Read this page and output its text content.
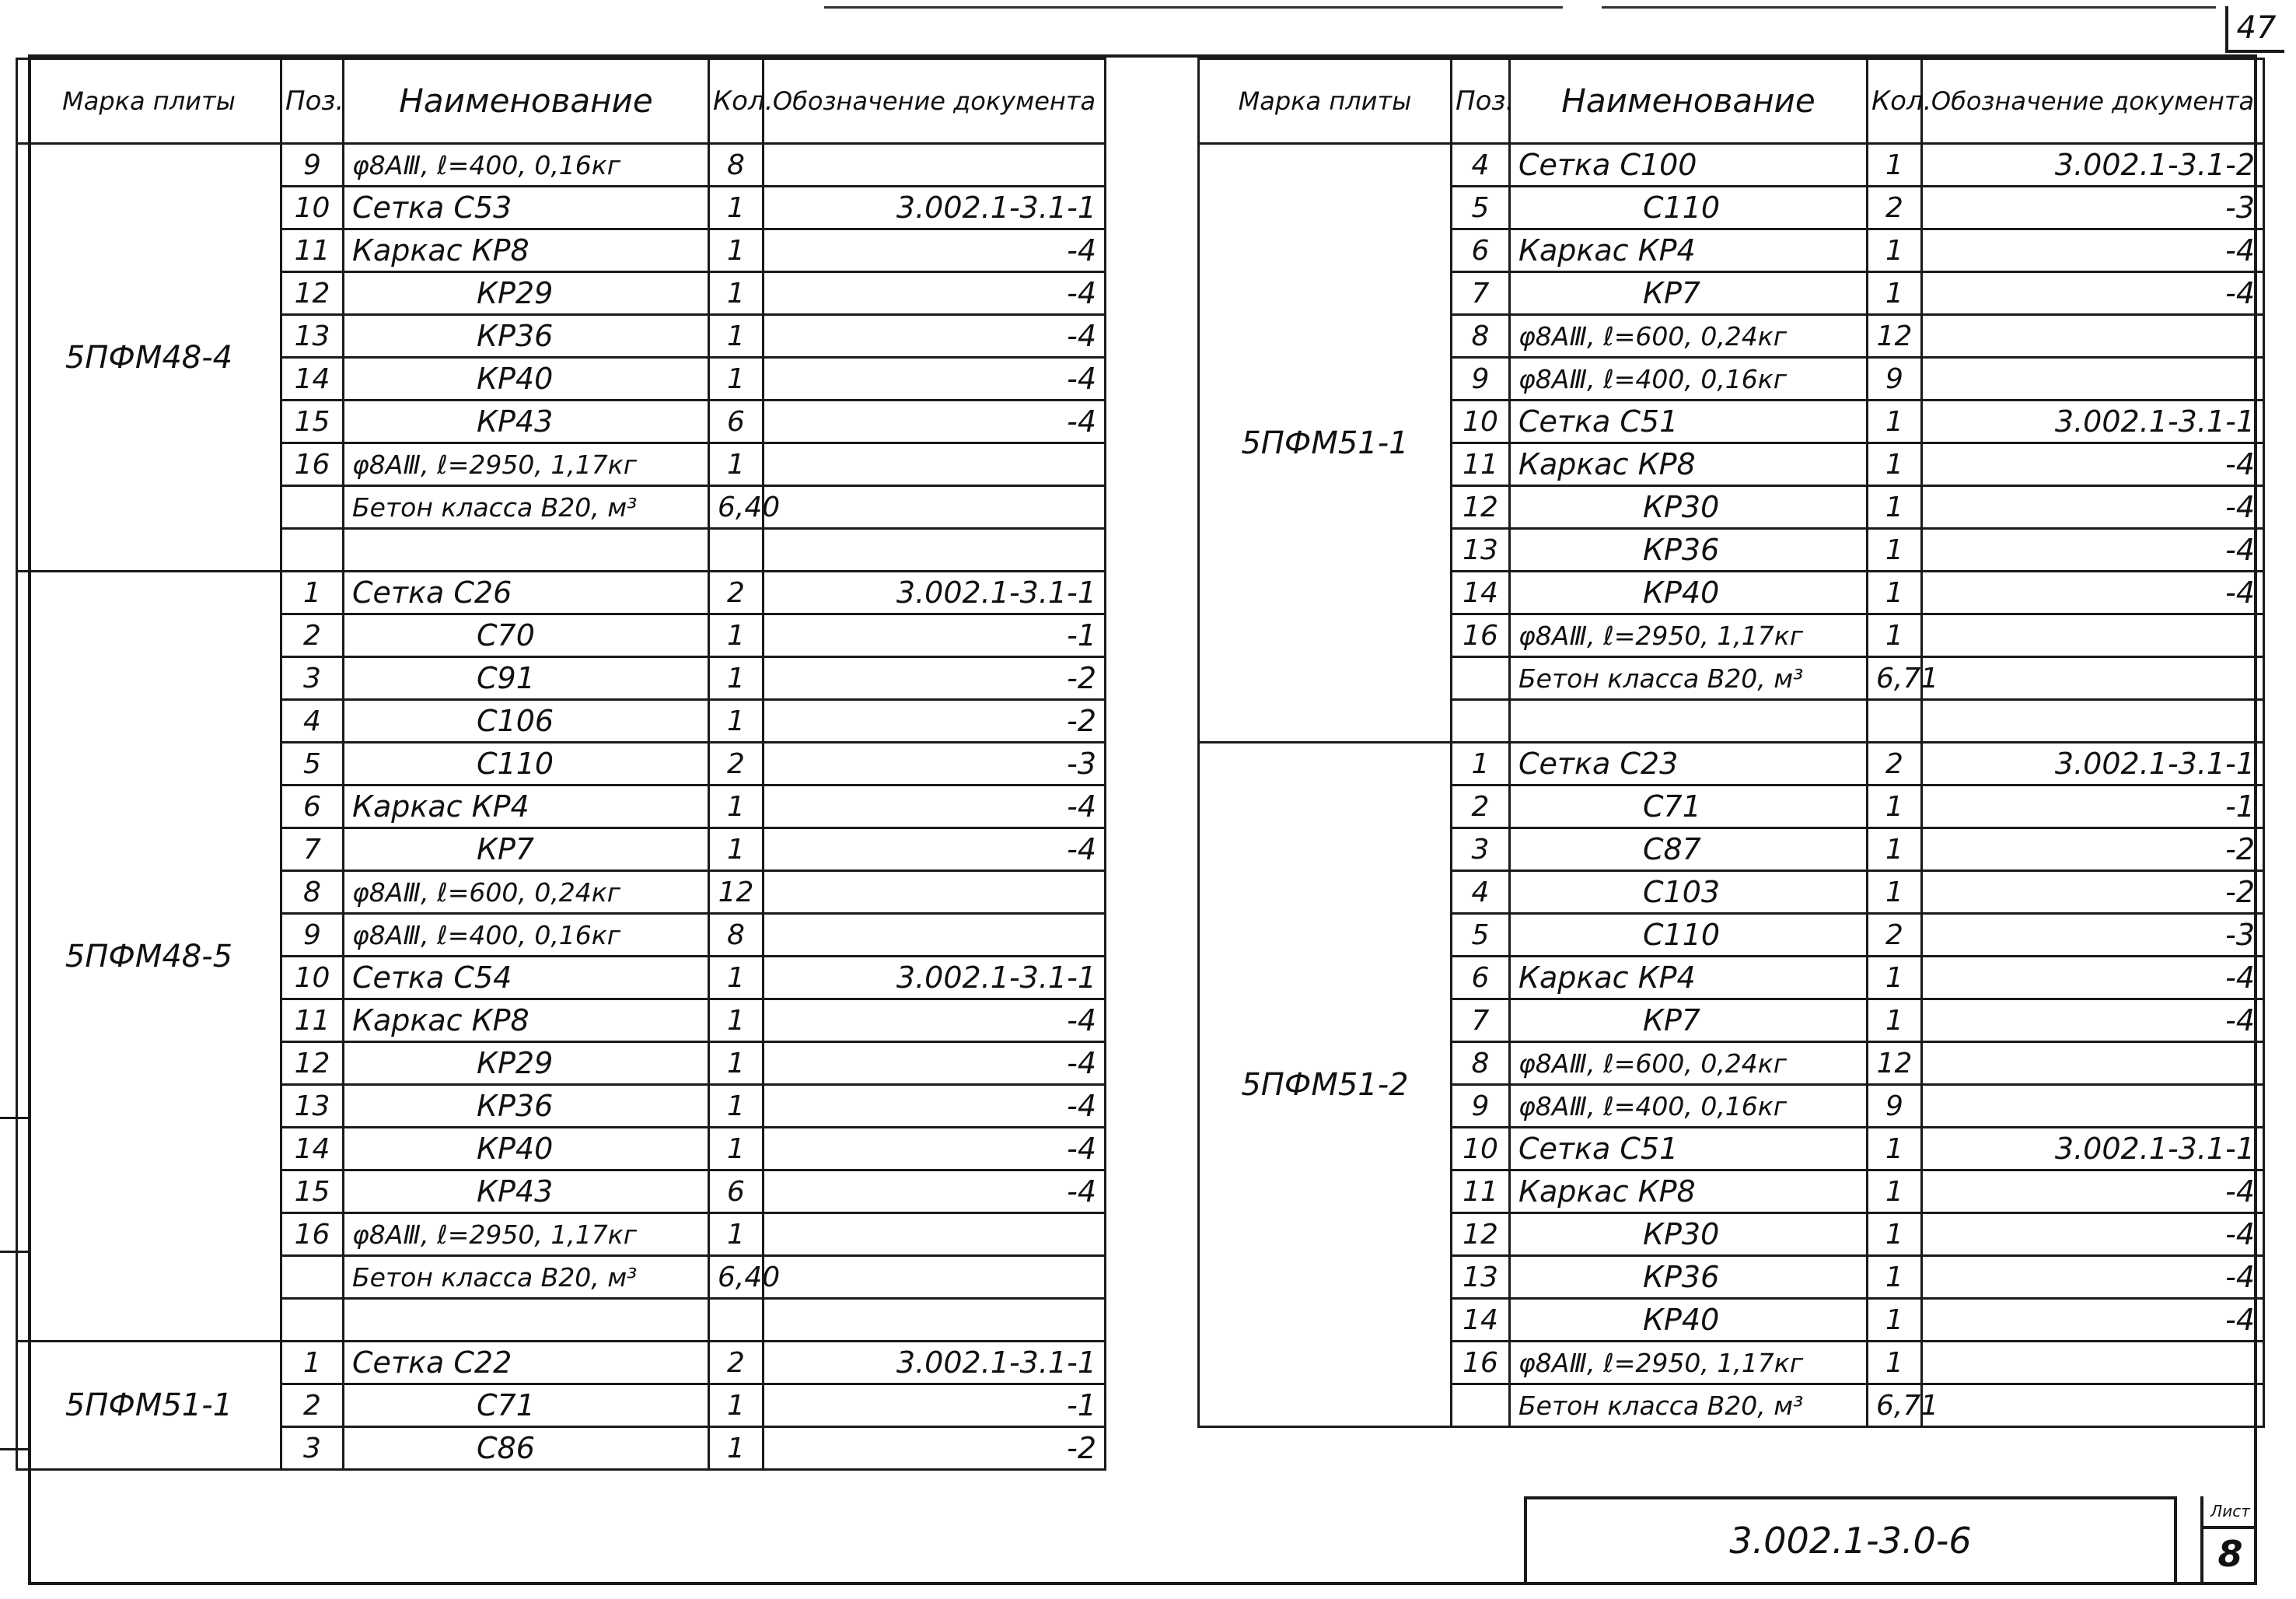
47
Марка плиты	Поз.	Наименование	Кол.	Обозначение документа
5ПФМ48-4	9	φ8АⅢ, ℓ=400, 0,16кг	8	
	10	Сетка С53	1	3.002.1-3.1-1
	11	Каркас КР8	1	-4
	12	КР29	1	-4
	13	КР36	1	-4
	14	КР40	1	-4
	15	КР43	6	-4
	16	φ8АⅢ, ℓ=2950, 1,17кг	1	
		Бетон класса В20, м³	6,40	

5ПФМ48-5	1	Сетка С26	2	3.002.1-3.1-1
	2	С70	1	-1
	3	С91	1	-2
	4	С106	1	-2
	5	С110	2	-3
	6	Каркас КР4	1	-4
	7	КР7	1	-4
	8	φ8АⅢ, ℓ=600, 0,24кг	12	
	9	φ8АⅢ, ℓ=400, 0,16кг	8	
	10	Сетка С54	1	3.002.1-3.1-1
	11	Каркас КР8	1	-4
	12	КР29	1	-4
	13	КР36	1	-4
	14	КР40	1	-4
	15	КР43	6	-4
	16	φ8АⅢ, ℓ=2950, 1,17кг	1	
		Бетон класса В20, м³	6,40	

5ПФМ51-1	1	Сетка С22	2	3.002.1-3.1-1
	2	С71	1	-1
	3	С86	1	-2
Марка плиты	Поз.	Наименование	Кол.	Обозначение документа
5ПФМ51-1	4	Сетка С100	1	3.002.1-3.1-2
	5	С110	2	-3
	6	Каркас КР4	1	-4
	7	КР7	1	-4
	8	φ8АⅢ, ℓ=600, 0,24кг	12	
	9	φ8АⅢ, ℓ=400, 0,16кг	9	
	10	Сетка С51	1	3.002.1-3.1-1
	11	Каркас КР8	1	-4
	12	КР30	1	-4
	13	КР36	1	-4
	14	КР40	1	-4
	16	φ8АⅢ, ℓ=2950, 1,17кг	1	
		Бетон класса В20, м³	6,71	

5ПФМ51-2	1	Сетка С23	2	3.002.1-3.1-1
	2	С71	1	-1
	3	С87	1	-2
	4	С103	1	-2
	5	С110	2	-3
	6	Каркас КР4	1	-4
	7	КР7	1	-4
	8	φ8АⅢ, ℓ=600, 0,24кг	12	
	9	φ8АⅢ, ℓ=400, 0,16кг	9	
	10	Сетка С51	1	3.002.1-3.1-1
	11	Каркас КР8	1	-4
	12	КР30	1	-4
	13	КР36	1	-4
	14	КР40	1	-4
	16	φ8АⅢ, ℓ=2950, 1,17кг	1	
		Бетон класса В20, м³	6,71	
3.002.1-3.0-6
Лист
8
